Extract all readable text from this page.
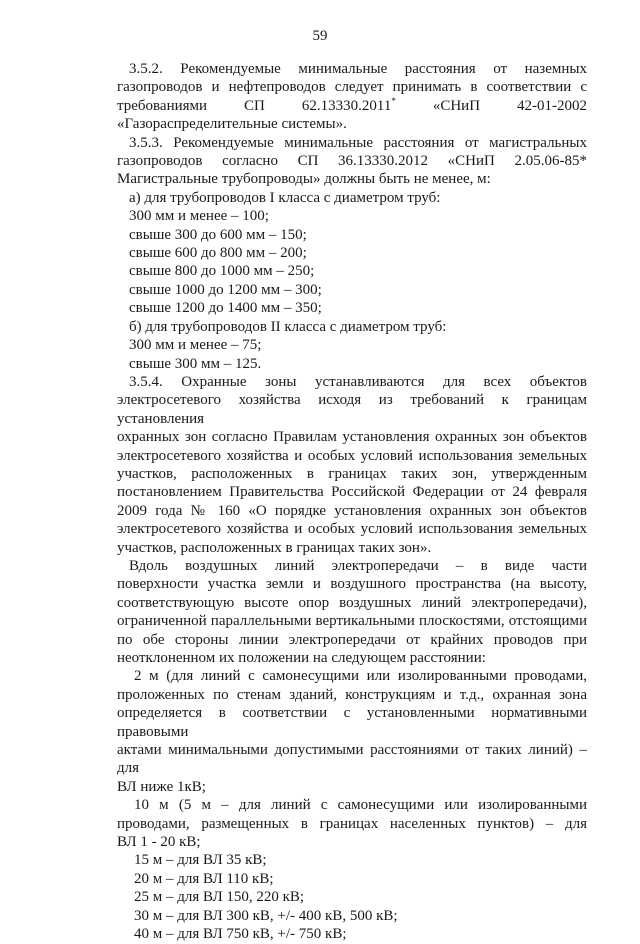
59

3.5.2. Рекомендуемые минимальные расстояния от наземных

газопроводов и нефтепроводов следует принимать в соответствии с

требованиями СП 62.13330.2011* «СНиП 42-01-2002

«Газораспределительные системы».

3.5.3. Рекомендуемые минимальные расстояния от магистральных

газопроводов согласно СП 36.13330.2012 «СНиП 2.05.06-85*

Магистральные трубопроводы» должны быть не менее, м:

а) для трубопроводов I класса с диаметром труб:

300 мм и менее – 100;

свыше 300 до 600 мм – 150;

свыше 600 до 800 мм – 200;

свыше 800 до 1000 мм – 250;

свыше 1000 до 1200 мм – 300;

свыше 1200 до 1400 мм – 350;

б) для трубопроводов II класса с диаметром труб:

300 мм и менее – 75;

свыше 300 мм – 125.

3.5.4. Охранные зоны устанавливаются для всех объектов

электросетевого хозяйства исходя из требований к границам установления

охранных зон согласно Правилам установления охранных зон объектов

электросетевого хозяйства и особых условий использования земельных

участков, расположенных в границах таких зон, утвержденным

постановлением Правительства Российской Федерации от 24 февраля

2009 года № 160 «О порядке установления охранных зон объектов

электросетевого хозяйства и особых условий использования земельных

участков, расположенных в границах таких зон».

Вдоль воздушных линий электропередачи – в виде части

поверхности участка земли и воздушного пространства (на высоту,

соответствующую высоте опор воздушных линий электропередачи),

ограниченной параллельными вертикальными плоскостями, отстоящими

по обе стороны линии электропередачи от крайних проводов при

неотклоненном их положении на следующем расстоянии:

2 м (для линий с самонесущими или изолированными проводами,

проложенных по стенам зданий, конструкциям и т.д., охранная зона

определяется в соответствии с установленными нормативными правовыми

актами минимальными допустимыми расстояниями от таких линий) – для

ВЛ ниже 1кВ;

10 м (5 м – для линий с самонесущими или изолированными

проводами, размещенных в границах населенных пунктов) – для

ВЛ 1 - 20 кВ;

15 м – для ВЛ 35 кВ;

20 м – для ВЛ 110 кВ;

25 м – для ВЛ 150, 220 кВ;

30 м – для ВЛ 300 кВ, +/- 400 кВ, 500 кВ;

40 м – для ВЛ 750 кВ, +/- 750 кВ;
